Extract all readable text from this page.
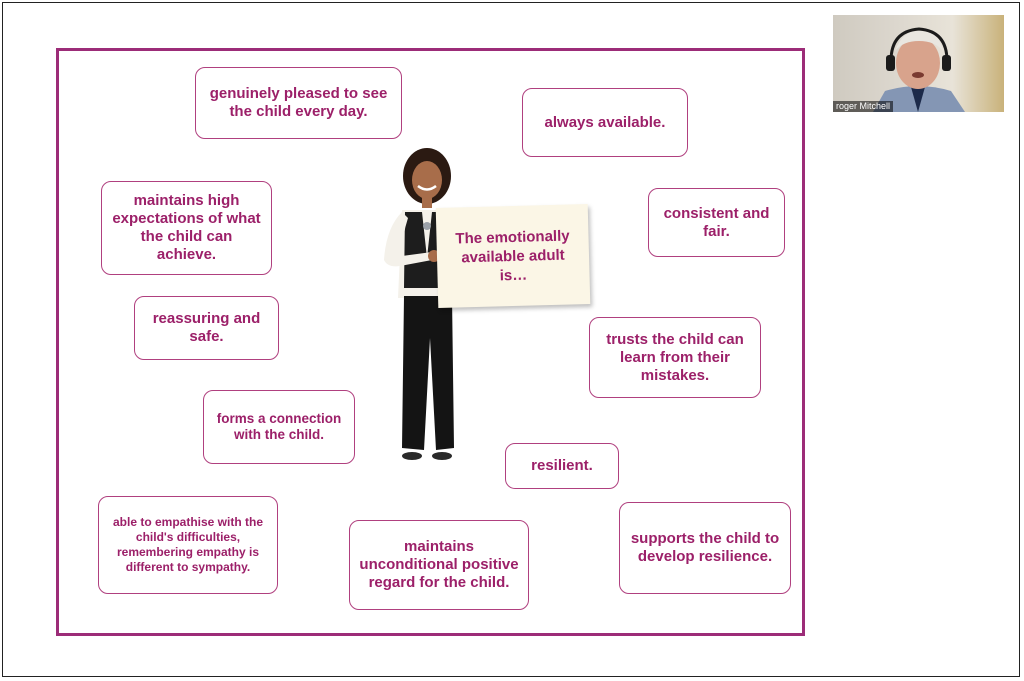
genuinely pleased to see the child every day.
always available.
maintains high expectations of what the child can achieve.
consistent and fair.
reassuring and safe.	trusts the child can learn from their mistakes.
forms a connection with the child.
resilient.
able to empathise with the child's difficulties, remembering empathy is different to sympathy.
maintains unconditional positive regard for the child.
supports the child to develop resilience.
The emotionally available adult is…
roger Mitchell
